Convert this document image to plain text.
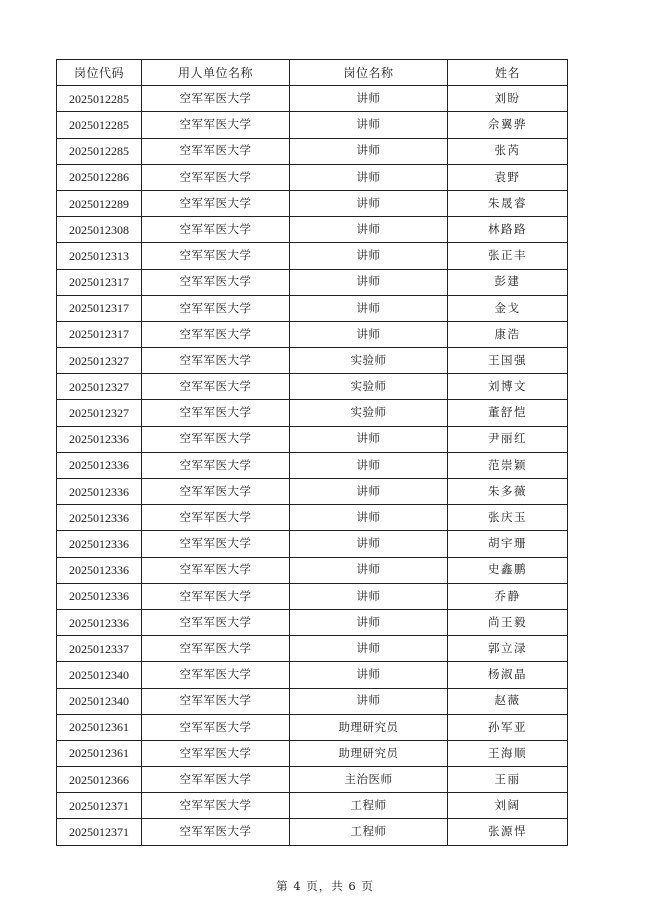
岗位代码	用人单位名称	岗位名称	姓名
2025012285	空军军医大学	讲师	刘盼
2025012285	空军军医大学	讲师	佘翼骅
2025012285	空军军医大学	讲师	张芮
2025012286	空军军医大学	讲师	袁野
2025012289	空军军医大学	讲师	朱晟睿
2025012308	空军军医大学	讲师	林路路
2025012313	空军军医大学	讲师	张正丰
2025012317	空军军医大学	讲师	彭建
2025012317	空军军医大学	讲师	金戈
2025012317	空军军医大学	讲师	康浩
2025012327	空军军医大学	实验师	王国强
2025012327	空军军医大学	实验师	刘博文
2025012327	空军军医大学	实验师	董舒恺
2025012336	空军军医大学	讲师	尹丽红
2025012336	空军军医大学	讲师	范崇颖
2025012336	空军军医大学	讲师	朱多薇
2025012336	空军军医大学	讲师	张庆玉
2025012336	空军军医大学	讲师	胡宇珊
2025012336	空军军医大学	讲师	史鑫鹏
2025012336	空军军医大学	讲师	乔静
2025012336	空军军医大学	讲师	尚王毅
2025012337	空军军医大学	讲师	郭立渌
2025012340	空军军医大学	讲师	杨淑晶
2025012340	空军军医大学	讲师	赵薇
2025012361	空军军医大学	助理研究员	孙军亚
2025012361	空军军医大学	助理研究员	王海顺
2025012366	空军军医大学	主治医师	王丽
2025012371	空军军医大学	工程师	刘阔
2025012371	空军军医大学	工程师	张源悍
第 4 页，共 6 页
